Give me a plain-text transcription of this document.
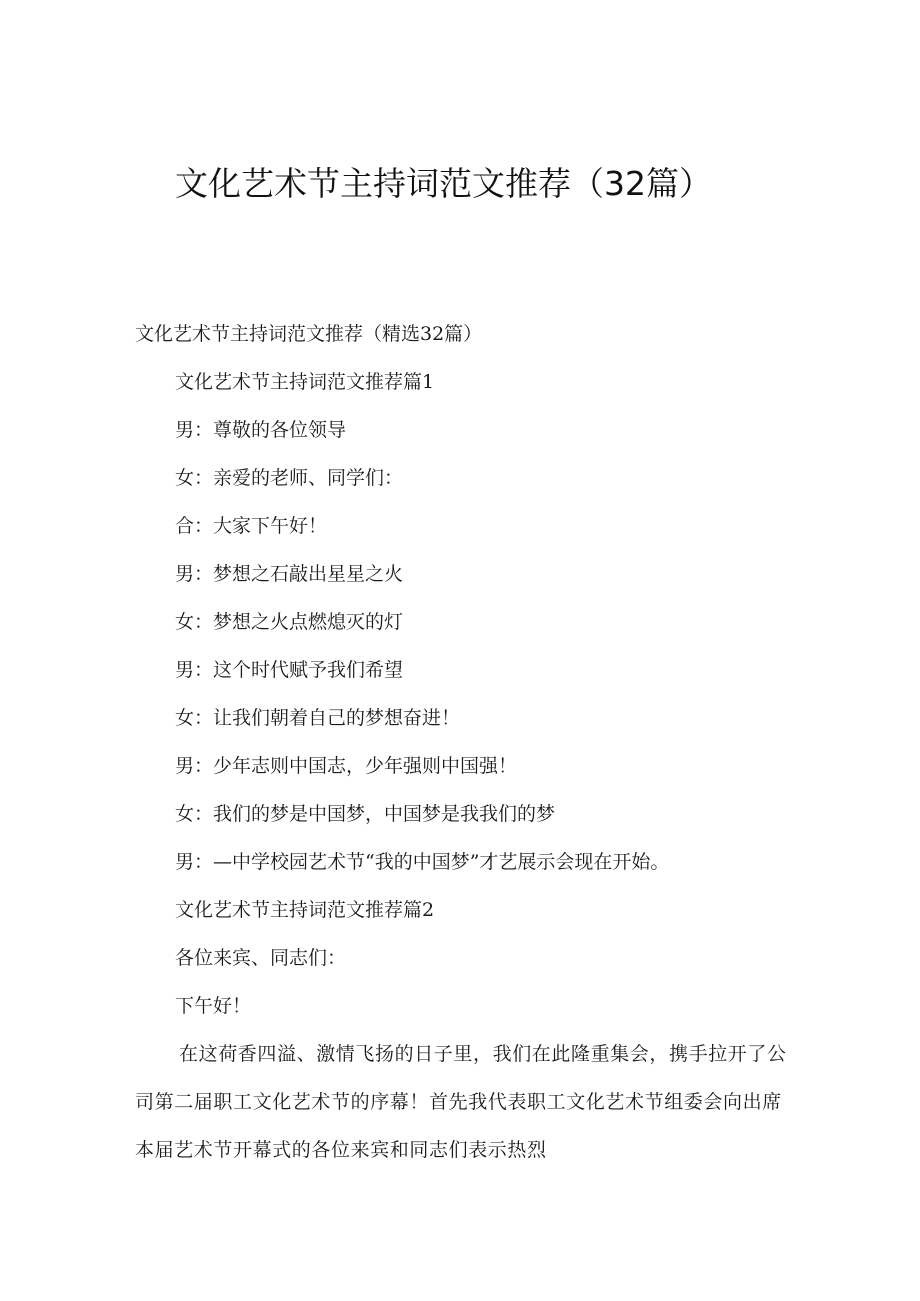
文化艺术节主持词范文推荐（32篇）

文化艺术节主持词范文推荐（精选32篇）

文化艺术节主持词范文推荐篇1

男：尊敬的各位领导

女：亲爱的老师、同学们：

合：大家下午好！

男：梦想之石敲出星星之火

女：梦想之火点燃熄灭的灯

男：这个时代赋予我们希望

女：让我们朝着自己的梦想奋进！

男：少年志则中国志，少年强则中国强！

女：我们的梦是中国梦，中国梦是我我们的梦

男：—中学校园艺术节“我的中国梦”才艺展示会现在开始。

文化艺术节主持词范文推荐篇2

各位来宾、同志们：

下午好！

在这荷香四溢、激情飞扬的日子里，我们在此隆重集会，携手拉开了公司第二届职工文化艺术节的序幕！首先我代表职工文化艺术节组委会向出席本届艺术节开幕式的各位来宾和同志们表示热烈
